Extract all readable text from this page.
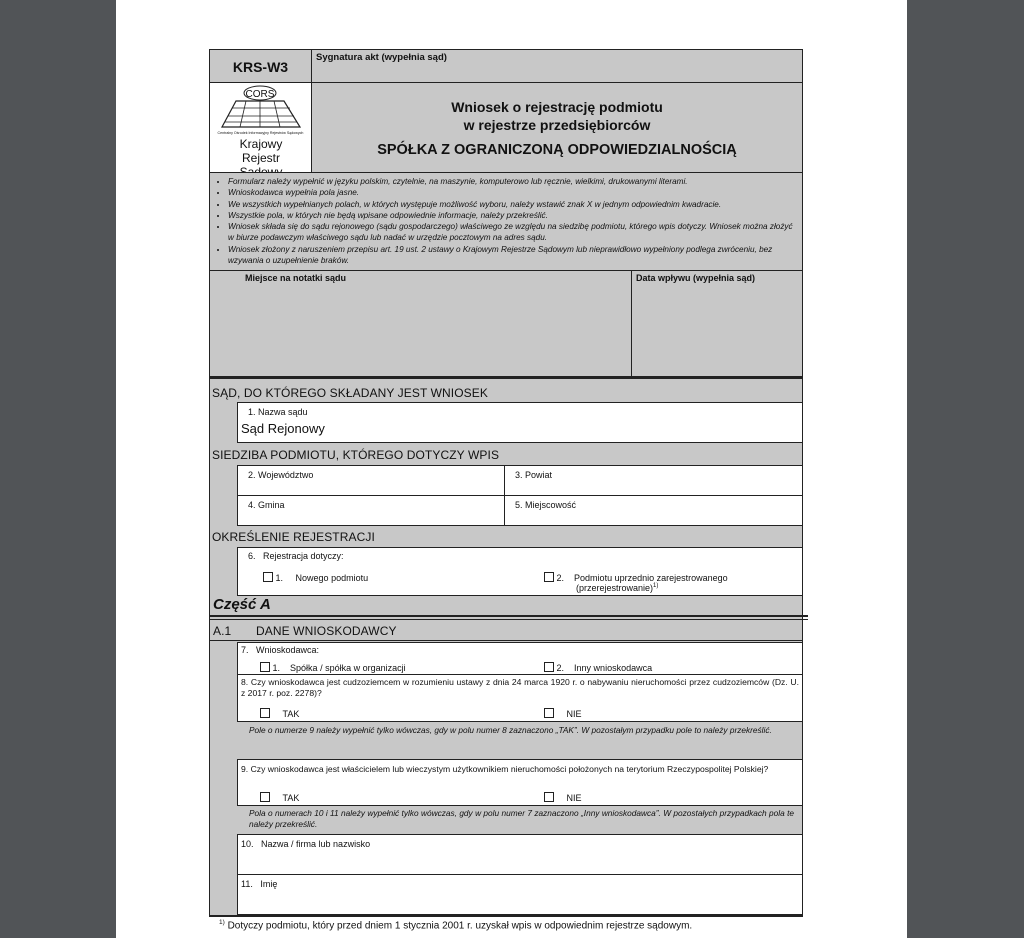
KRS-W3
Sygnatura akt (wypełnia sąd)
CORS
Centralny Ośrodek Informacyjny Rejestrów Sądowych
Krajowy Rejestr
Wniosek o rejestrację podmiotu
w rejestrze przedsiębiorców
SPÓŁKA Z OGRANICZONĄ ODPOWIEDZIALNOŚCIĄ
• Formularz należy wypełnić w języku polskim, czytelnie, na maszynie, komputerowo lub ręcznie, wielkimi, drukowanymi literami.
• Wnioskodawca wypełnia pola jasne.
• We wszystkich wypełnianych polach, w których występuje możliwość wyboru, należy wstawić znak X w jednym odpowiednim kwadracie.
• Wszystkie pola, w których nie będą wpisane odpowiednie informacje, należy przekreślić.
• Wniosek składa się do sądu rejonowego (sądu gospodarczego) właściwego ze względu na siedzibę podmiotu, którego wpis dotyczy. Wniosek można złożyć w biurze podawczym właściwego sądu lub nadać w urzędzie pocztowym na adres sądu.
• Wniosek złożony z naruszeniem przepisu art. 19 ust. 2 ustawy o Krajowym Rejestrze Sądowym lub nieprawidłowo wypełniony podlega zwróceniu, bez wzywania o uzupełnienie braków.
Miejsce na notatki sądu	Data wpływu (wypełnia sąd)
SĄD, DO KTÓREGO SKŁADANY JEST WNIOSEK
1. Nazwa sądu
Sąd Rejonowy
SIEDZIBA PODMIOTU, KTÓREGO DOTYCZY WPIS
2. Województwo	3. Powiat
4. Gmina	5. Miejscowość
OKREŚLENIE REJESTRACJI
6. Rejestracja dotyczy:
1. Nowego podmiotu	2. Podmiotu uprzednio zarejestrowanego
(przerejestrowanie)$^{1)}$
Część A
A.1 DANE WNIOSKODAWCY
7. Wnioskodawca:
1. Spółka / spółka w organizacji	2. Inny wnioskodawca
8. Czy wnioskodawca jest cudzoziemcem w rozumieniu ustawy z dnia 24 marca 1920 r. o nabywaniu nieruchomości przez cudzoziemców (Dz. U. z 2017 r. poz. 2278)?
TAK	NIE
Pole o numerze 9 należy wypełnić tylko wówczas, gdy w polu numer 8 zaznaczono „TAK”. W pozostałym przypadku pole to należy przekreślić.
9. Czy wnioskodawca jest właścicielem lub wieczystym użytkownikiem nieruchomości położonych na terytorium Rzeczypospolitej Polskiej?
TAK	NIE
Pola o numerach 10 i 11 należy wypełnić tylko wówczas, gdy w polu numer 7 zaznaczono „Inny wnioskodawca”. W pozostałych przypadkach pola te należy przekreślić.
10. Nazwa / firma lub nazwisko
11. Imię
$^{1)}$ Dotyczy podmiotu, który przed dniem 1 stycznia 2001 r. uzyskał wpis w odpowiednim rejestrze sądowym.
